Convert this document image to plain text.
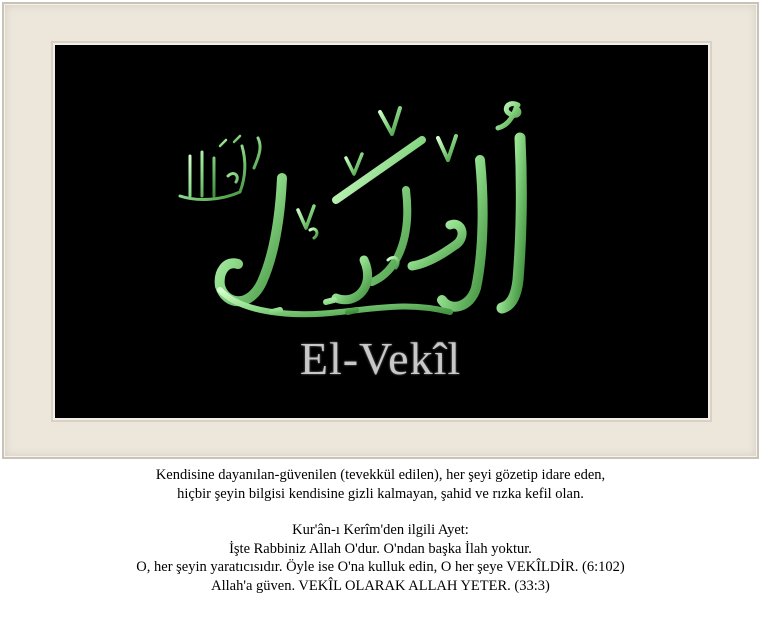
El-Vekîl

Kendisine dayanılan-güvenilen (tevekkül edilen), her şeyi gözetip idare eden,

hiçbir şeyin bilgisi kendisine gizli kalmayan, şahid ve rızka kefil olan.

Kur'ân-ı Kerîm'den ilgili Ayet:

İşte Rabbiniz Allah O'dur. O'ndan başka İlah yoktur.

O, her şeyin yaratıcısıdır. Öyle ise O'na kulluk edin, O her şeye VEKÎLDİR. (6:102)

Allah'a güven. VEKÎL OLARAK ALLAH YETER. (33:3)
